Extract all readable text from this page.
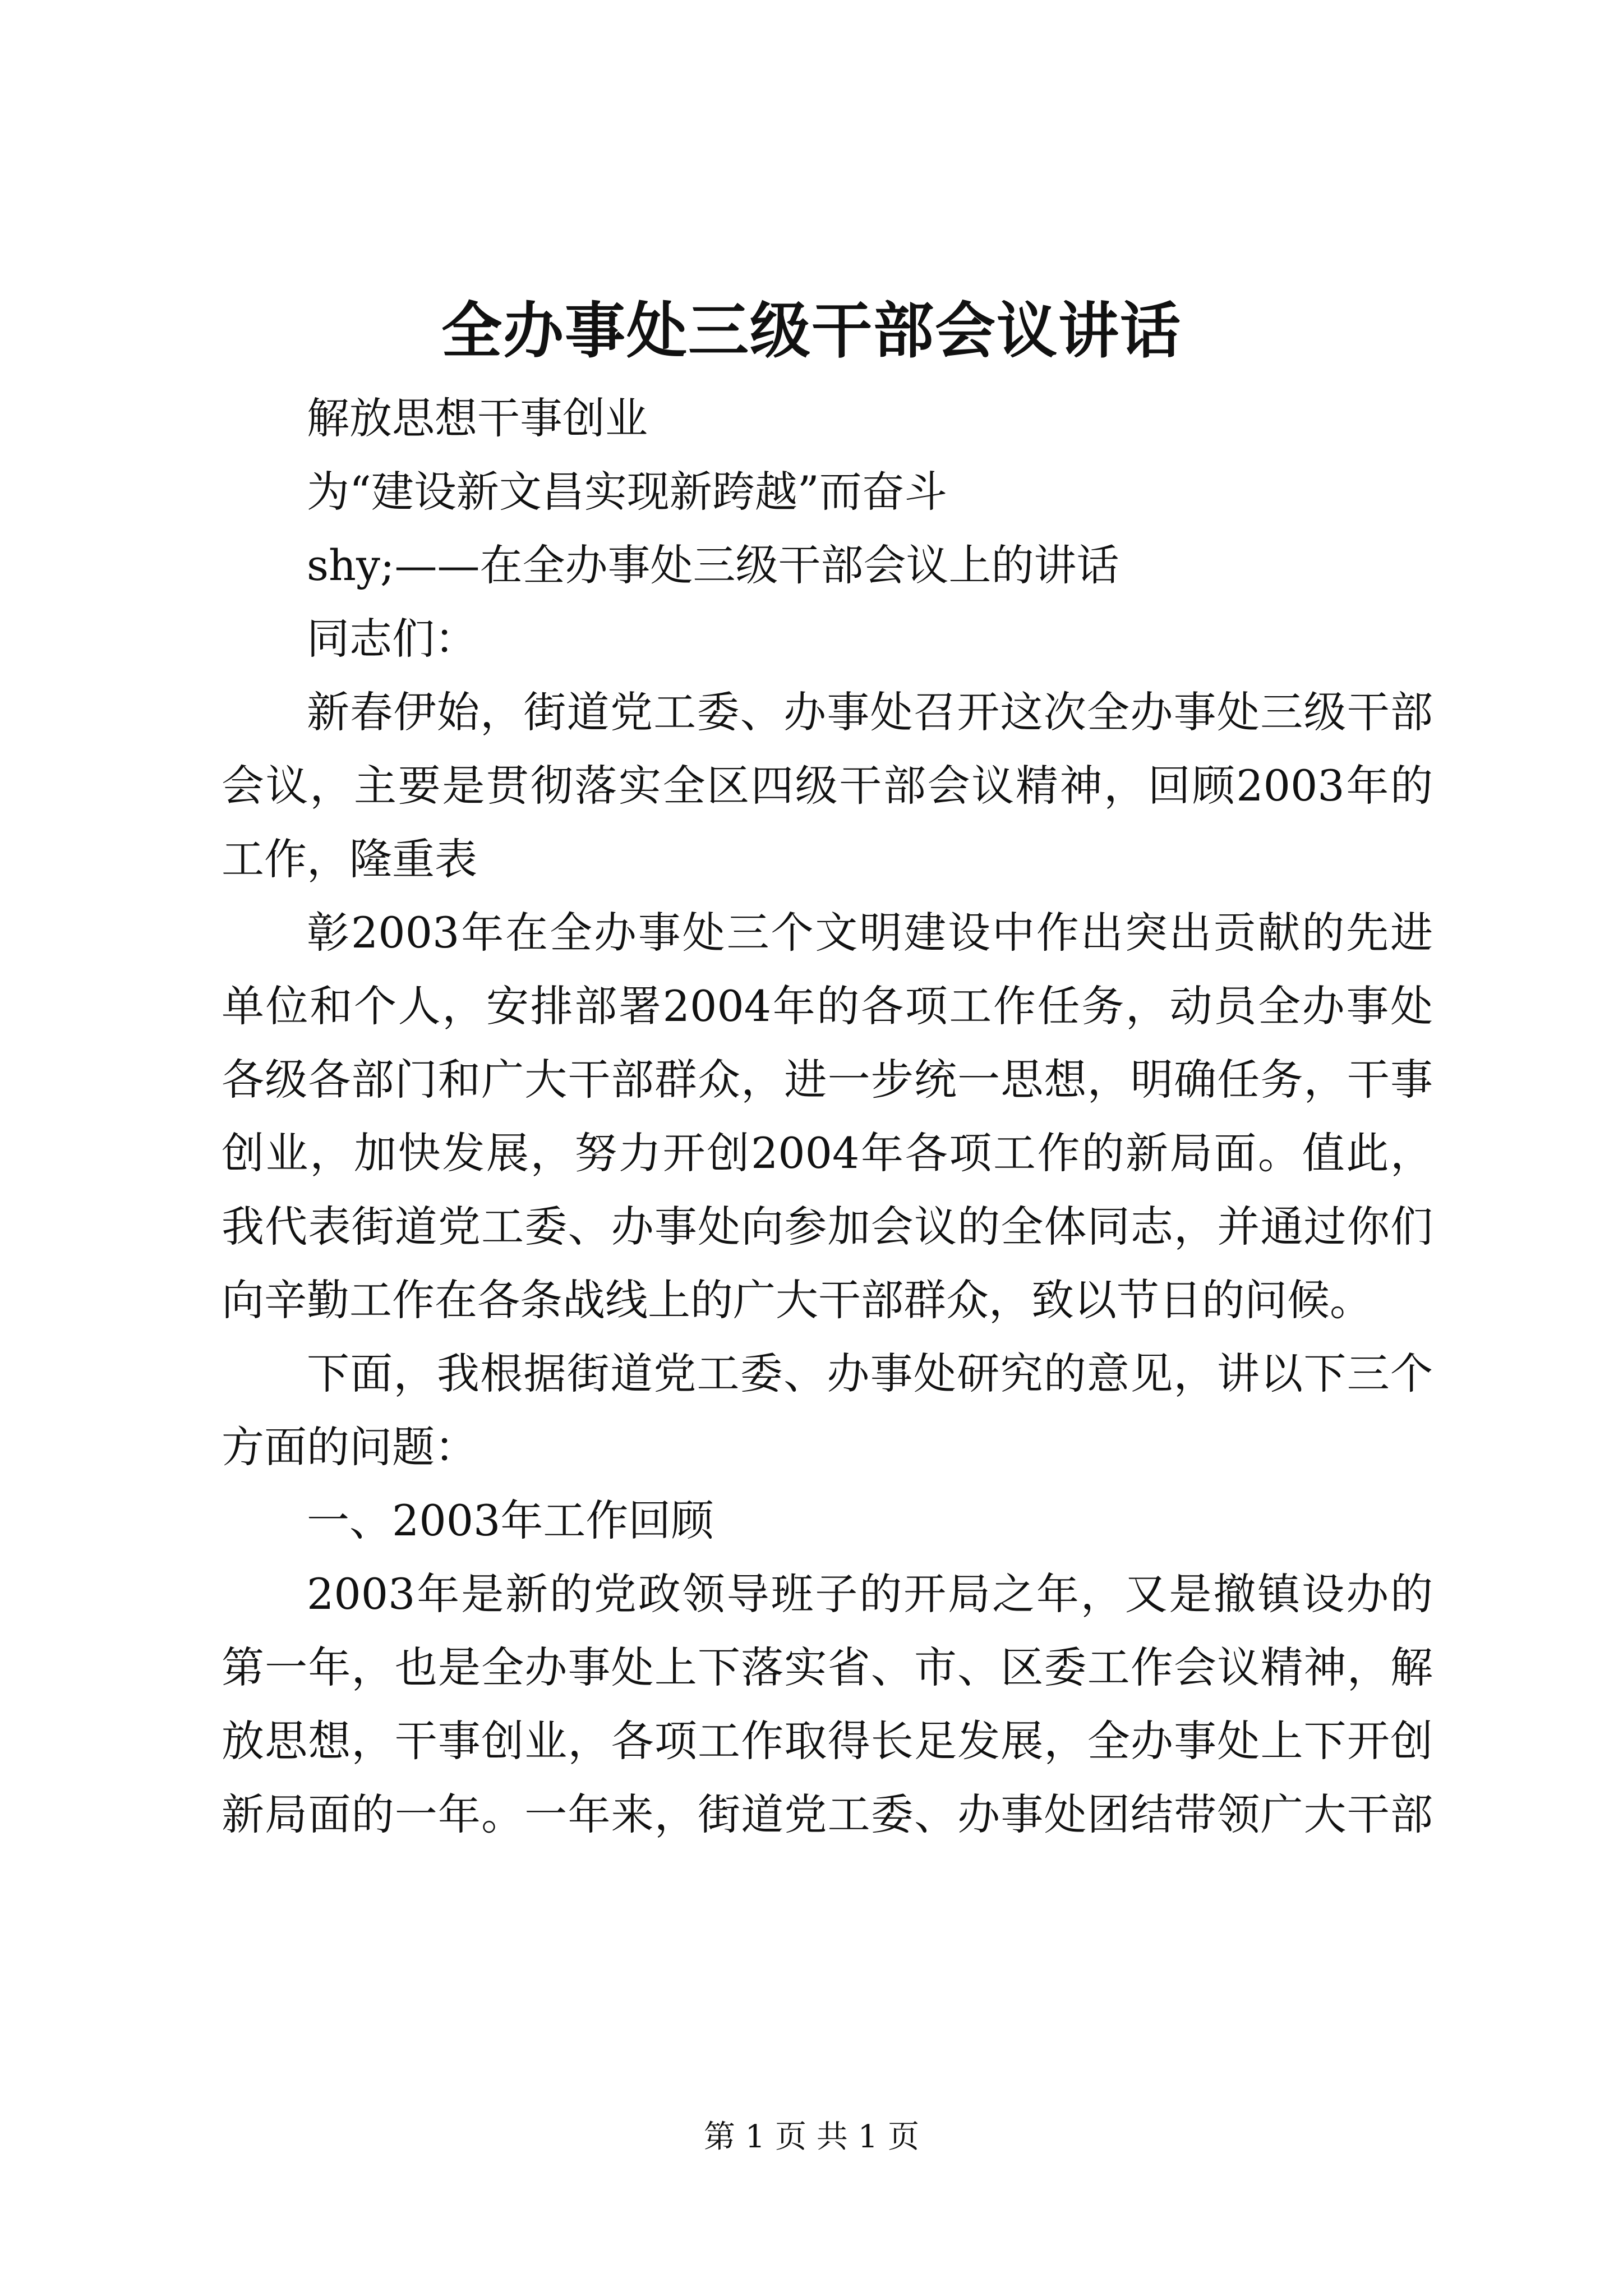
全办事处三级干部会议讲话
解放思想干事创业
为“建设新文昌实现新跨越”而奋斗
shy;——在全办事处三级干部会议上的讲话
同志们：
新春伊始，街道党工委、办事处召开这次全办事处三级干部
会议，主要是贯彻落实全区四级干部会议精神，回顾2003年的
工作，隆重表
彰2003年在全办事处三个文明建设中作出突出贡献的先进
单位和个人，安排部署2004年的各项工作任务，动员全办事处
各级各部门和广大干部群众，进一步统一思想，明确任务，干事
创业，加快发展，努力开创2004年各项工作的新局面。值此，
我代表街道党工委、办事处向参加会议的全体同志，并通过你们
向辛勤工作在各条战线上的广大干部群众，致以节日的问候。
下面，我根据街道党工委、办事处研究的意见，讲以下三个
方面的问题：
一、2003年工作回顾
2003年是新的党政领导班子的开局之年，又是撤镇设办的
第一年，也是全办事处上下落实省、市、区委工作会议精神，解
放思想，干事创业，各项工作取得长足发展，全办事处上下开创
新局面的一年。一年来，街道党工委、办事处团结带领广大干部
第 1 页 共 1 页
